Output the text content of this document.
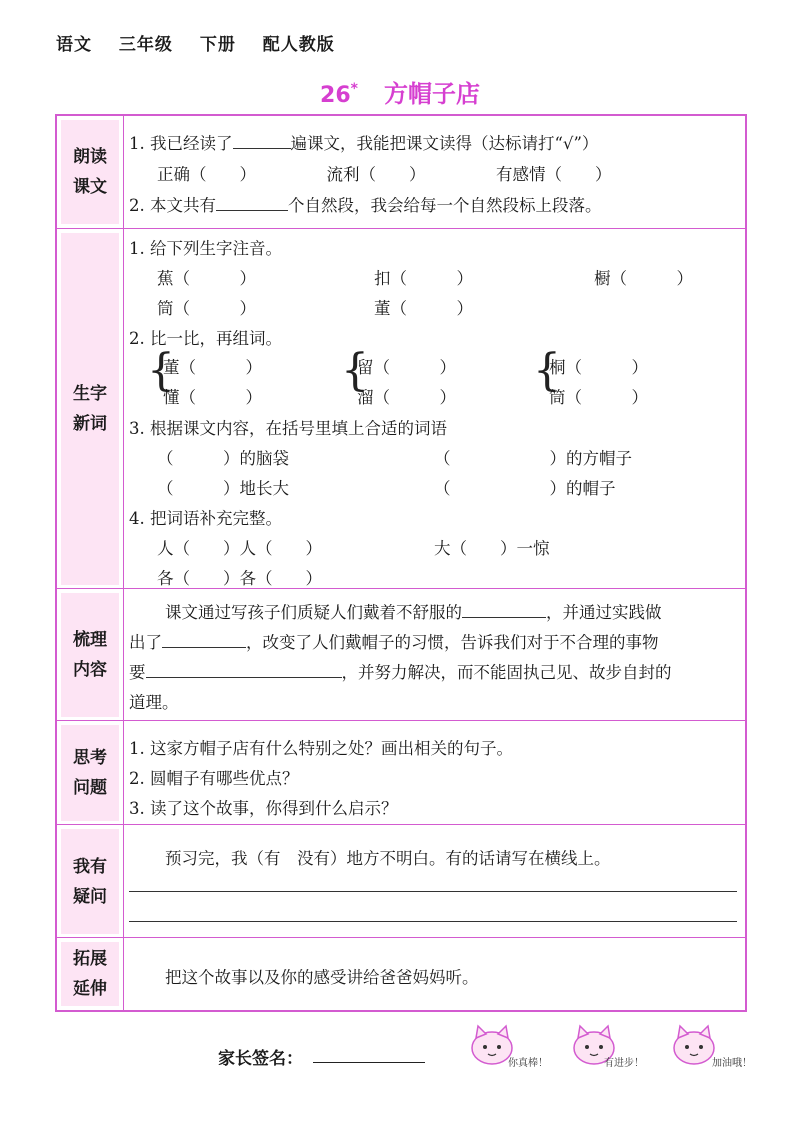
语文 三年级 下册 配人教版
26* 方帽子店
朗读
课文
1. 我已经读了	遍课文，我能把课文读得（达标请打“√”）
正确（　　）	流利（　　）	有感情（　　）
2. 本文共有	个自然段，我会给每一个自然段标上段落。
生字
新词
1. 给下列生字注音。
蕉（　　　）	扣（　　　）	橱（　　　）
筒（　　　）	董（　　　）
2. 比一比，再组词。
{
董（　　　）
懂（　　　）
{
留（　　　）
溜（　　　）
{
桐（　　　）
筒（　　　）
3. 根据课文内容，在括号里填上合适的词语
（　　　）的脑袋	（　　　　　　）的方帽子
（　　　）地长大	（　　　　　　）的帽子
4. 把词语补充完整。
人（　　）人（　　）	大（　　）一惊
各（　　）各（　　）
梳理
内容
课文通过写孩子们质疑人们戴着不舒服的	，并通过实践做
出了	，改变了人们戴帽子的习惯，告诉我们对于不合理的事物
要	，并努力解决，而不能固执己见、故步自封的
道理。
思考
问题
1. 这家方帽子店有什么特别之处？画出相关的句子。
2. 圆帽子有哪些优点？
3. 读了这个故事，你得到什么启示？
我有
疑问
预习完，我（有　没有）地方不明白。有的话请写在横线上。
拓展
延伸
把这个故事以及你的感受讲给爸爸妈妈听。
家长签名：	你真棒！	有进步！	加油哦！
